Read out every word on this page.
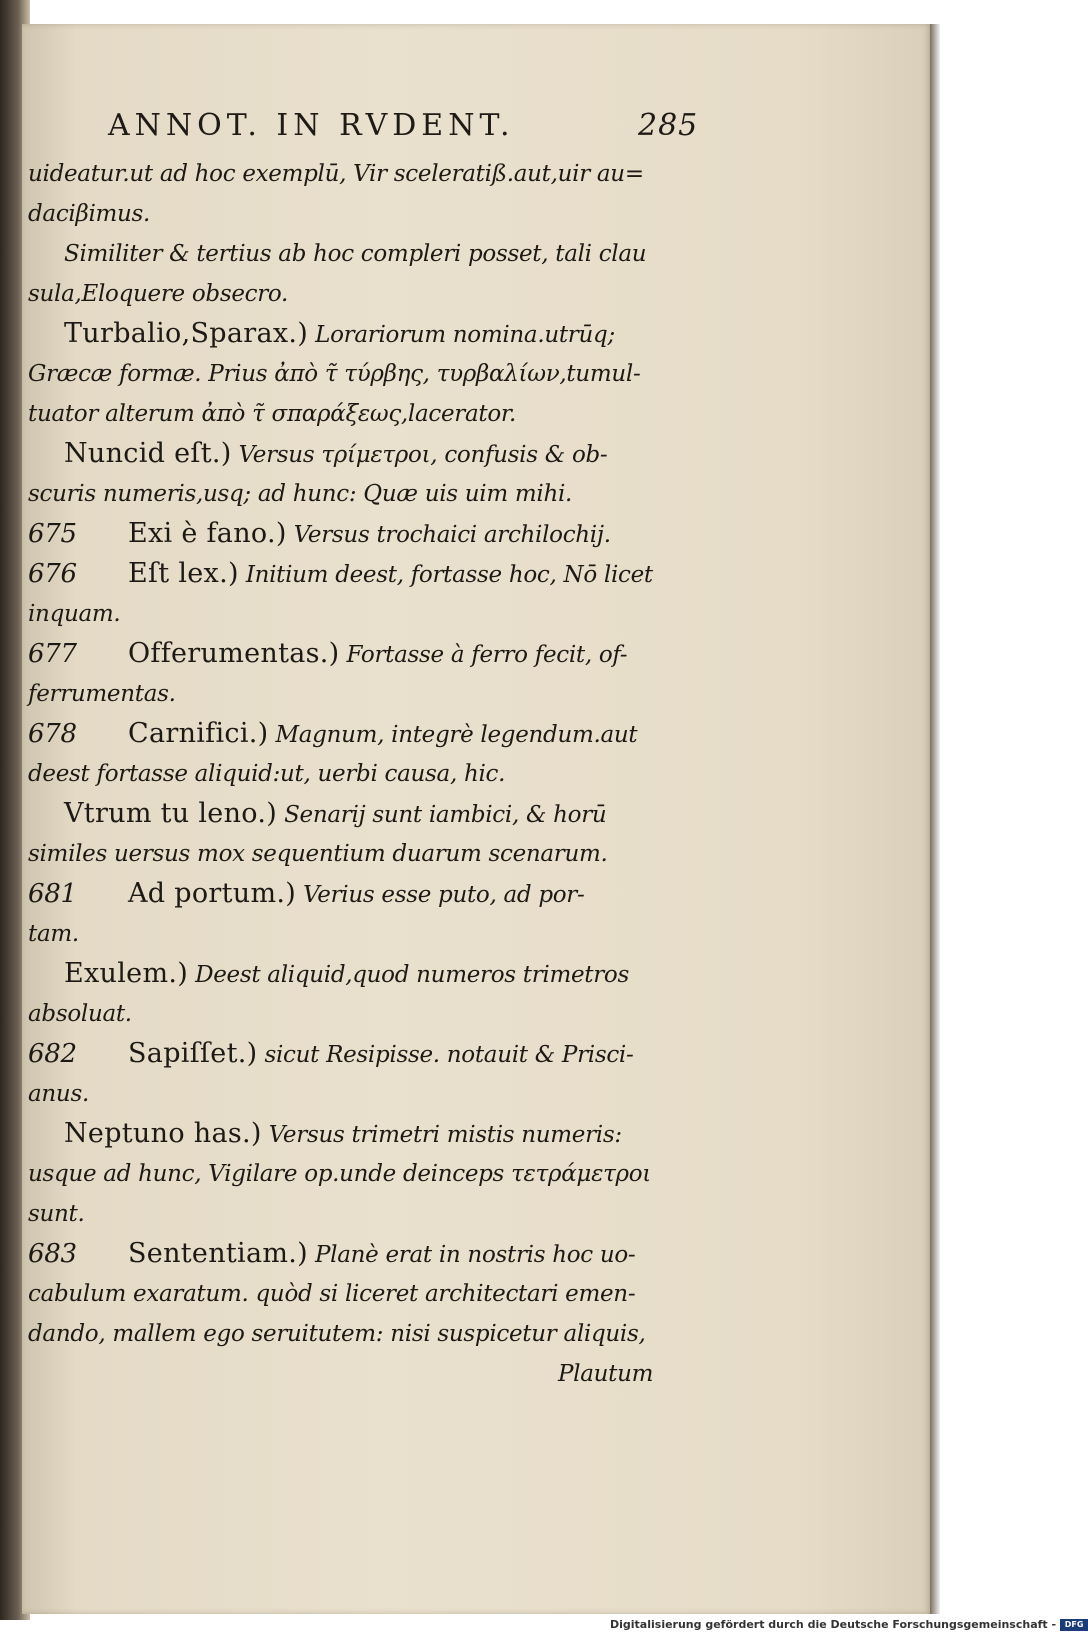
ANNOT. IN RVDENT.	285
uideatur.ut ad hoc exemplū, Vir sceleratiß.aut,uir au=
daciβimus.
Similiter & tertius ab hoc compleri posset, tali clau
sula,Eloquere obsecro.
Turbalio,Sparax.) Lorariorum nomina.utrūq;
Græcæ formæ. Prius ἀπὸ τ̃ τύρβης, τυρβαλίων,tumul-
tuator alterum ἀπὸ τ̃ σπαράξεως,lacerator.
Nuncid eſt.) Versus τρίμετροι, confusis & ob-
scuris numeris,usq; ad hunc: Quæ uis uim mihi.
675 Exi è fano.) Versus trochaici archilochij.
676 Eſt lex.) Initium deest, fortasse hoc, Nō licet
inquam.
677 Offerumentas.) Fortasse à ferro fecit, of-
ferrumentas.
678 Carnifici.) Magnum, integrè legendum.aut
deest fortasse aliquid:ut, uerbi causa, hic.
Vtrum tu leno.) Senarij sunt iambici, & horū
similes uersus mox sequentium duarum scenarum.
681 Ad portum.) Verius esse puto, ad por-
tam.
Exulem.) Deest aliquid,quod numeros trimetros
absoluat.
682 Sapiſſet.) sicut Resipisse. notauit & Prisci-
anus.
Neptuno has.) Versus trimetri mistis numeris:
usque ad hunc, Vigilare op.unde deinceps τετράμετροι
sunt.
683 Sententiam.) Planè erat in nostris hoc uo-
cabulum exaratum. quòd si liceret architectari emen-
dando, mallem ego seruitutem: nisi suspicetur aliquis,
Plautum
Digitalisierung gefördert durch die Deutsche Forschungsgemeinschaft - DFG
